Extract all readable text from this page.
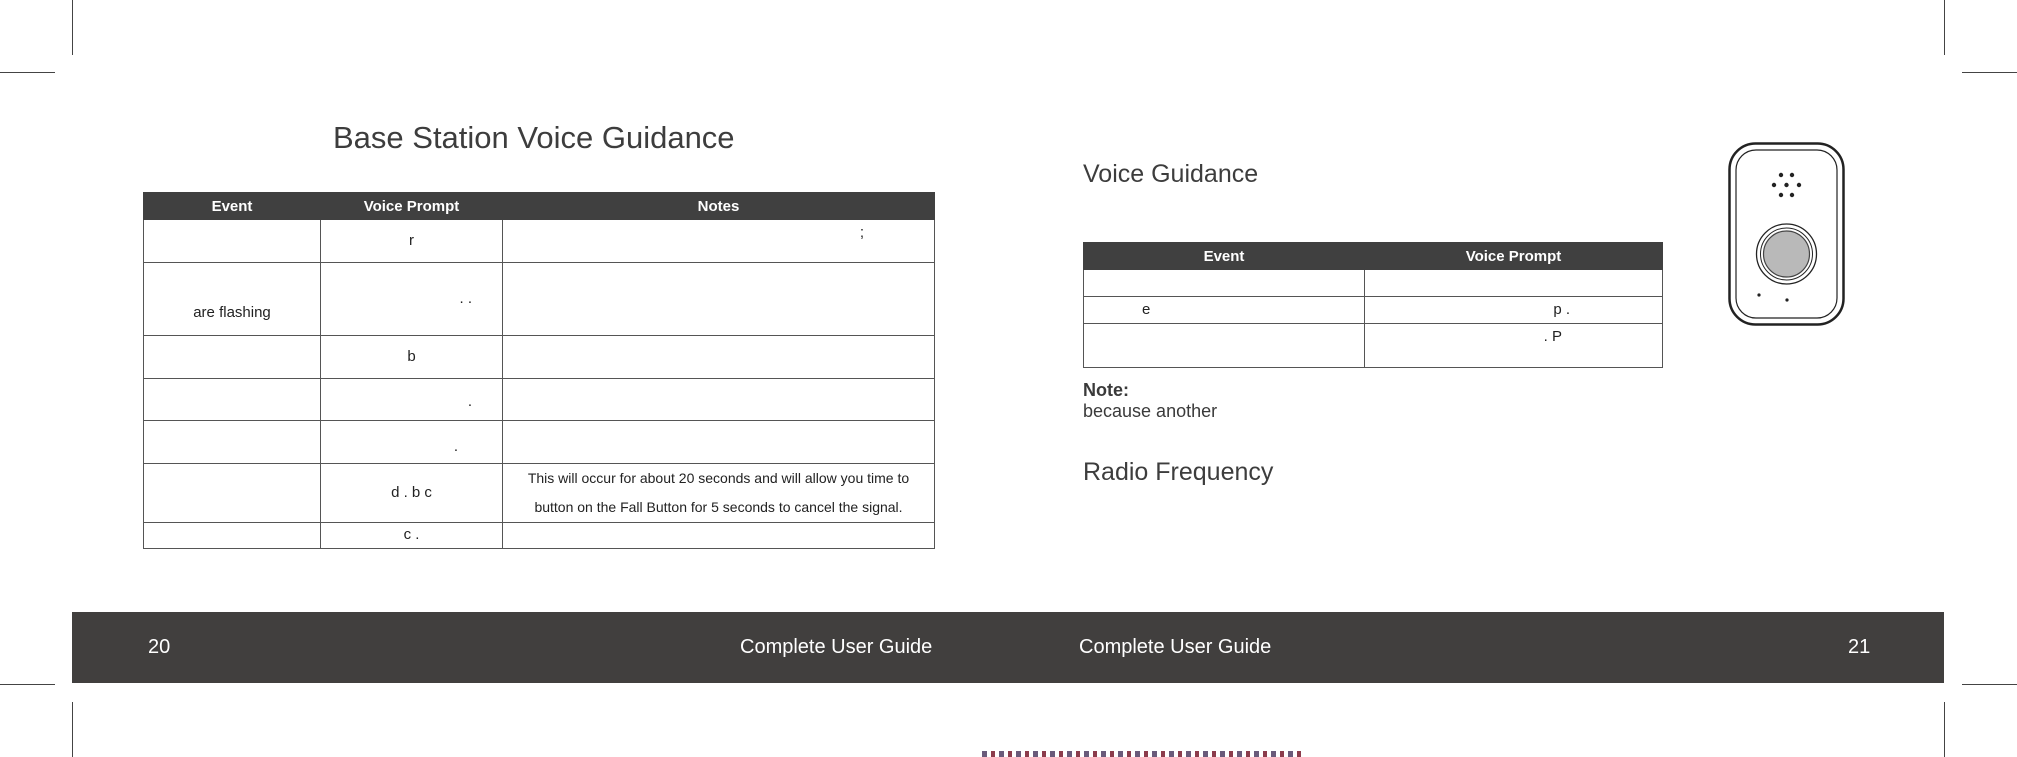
Base Station Voice Guidance
Event	Voice Prompt	Notes
	r	;
are flashing	. .	
	b	
	.	
	.	
	d . b c	This will occur for about 20 seconds and will allow you time to button on the Fall Button for 5 seconds to cancel the signal.
	c .	
Voice Guidance
Event	Voice Prompt

e	p .
	. P
Note:
because another
Radio Frequency
20	Complete User Guide	Complete User Guide	21
